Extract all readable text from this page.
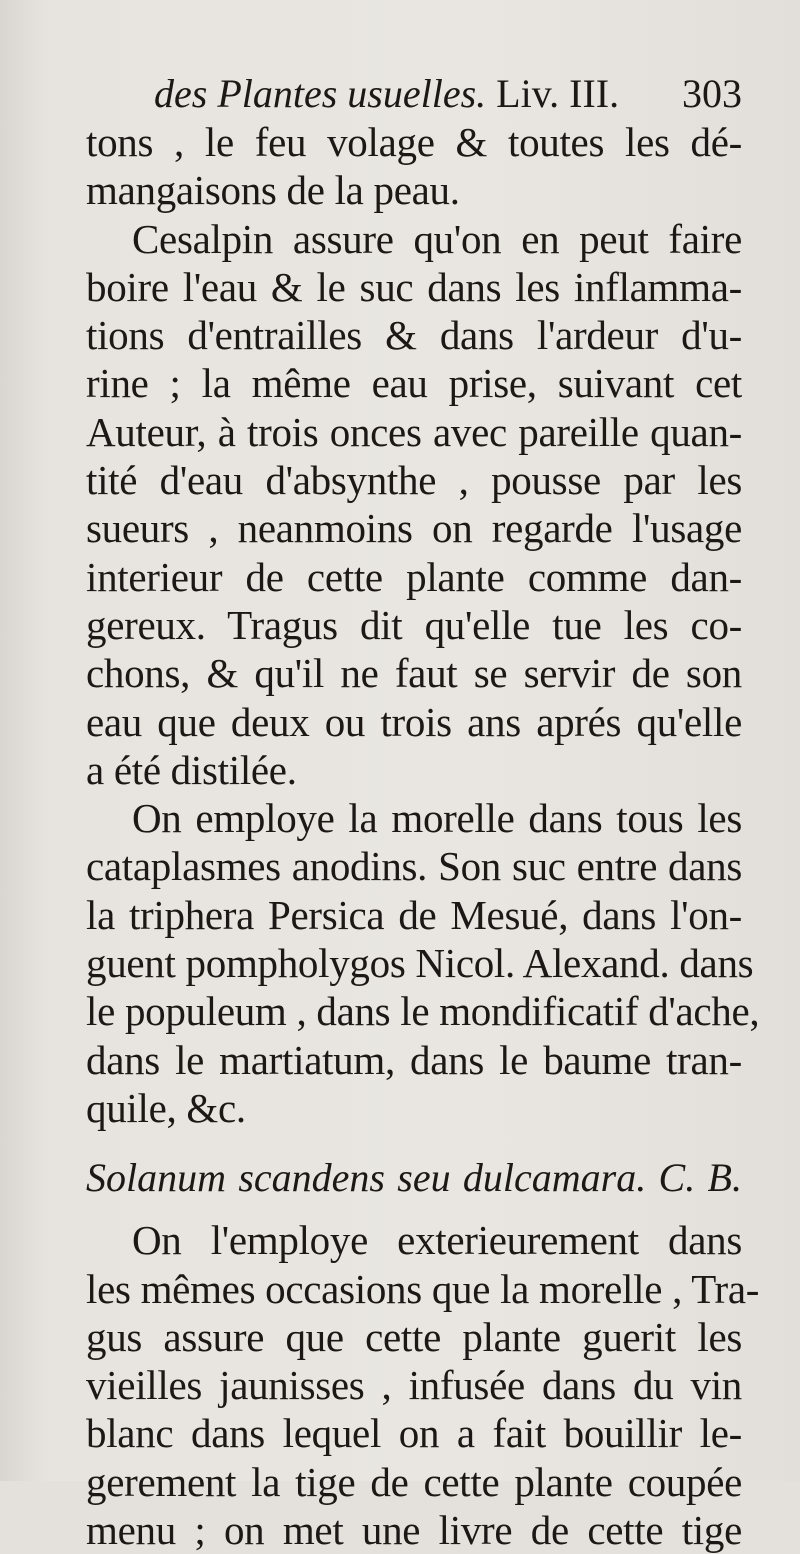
des Plantes usuelles. Liv. III. 303
tons , le feu volage & toutes les dé-
mangaisons de la peau.
Cesalpin assure qu'on en peut faire
boire l'eau & le suc dans les inflamma-
tions d'entrailles & dans l'ardeur d'u-
rine ; la même eau prise, suivant cet
Auteur, à trois onces avec pareille quan-
tité d'eau d'absynthe , pousse par les
sueurs , neanmoins on regarde l'usage
interieur de cette plante comme dan-
gereux. Tragus dit qu'elle tue les co-
chons, & qu'il ne faut se servir de son
eau que deux ou trois ans aprés qu'elle
a été distilée.
On employe la morelle dans tous les
cataplasmes anodins. Son suc entre dans
la triphera Persica de Mesué, dans l'on-
guent pompholygos Nicol. Alexand. dans
le populeum , dans le mondificatif d'ache,
dans le martiatum, dans le baume tran-
quile, &c.
Solanum scandens seu dulcamara. C. B.
On l'employe exterieurement dans
les mêmes occasions que la morelle , Tra-
gus assure que cette plante guerit les
vieilles jaunisses , infusée dans du vin
blanc dans lequel on a fait bouillir le-
gerement la tige de cette plante coupée
menu ; on met une livre de cette tige
